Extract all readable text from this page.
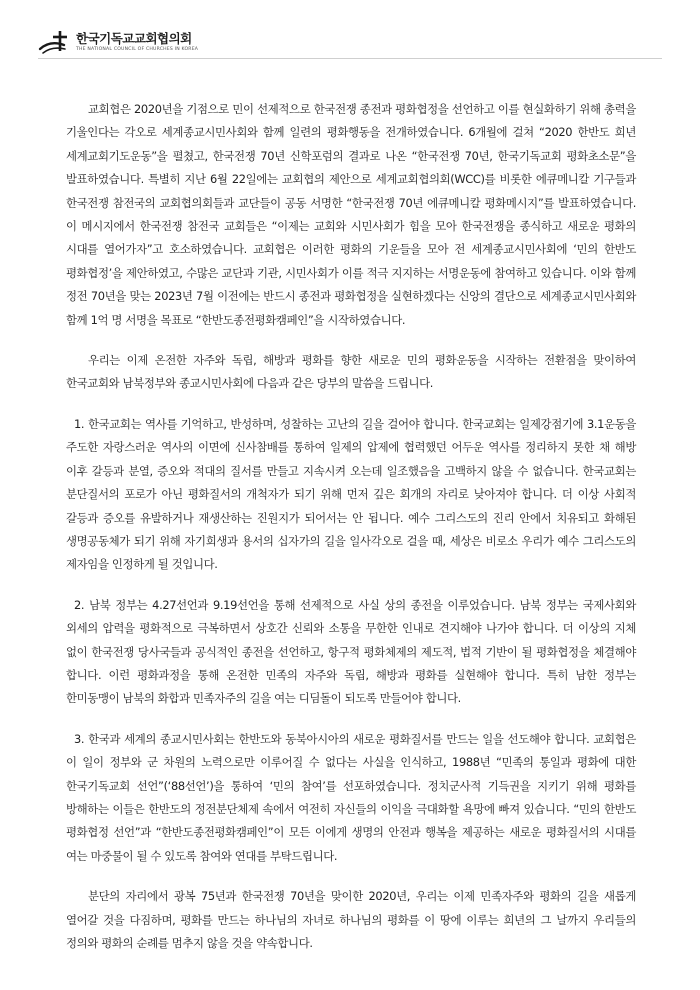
한국기독교교회협의회
THE NATIONAL COUNCIL OF CHURCHES IN KOREA

교회협은 2020년을 기점으로 민이 선제적으로 한국전쟁 종전과 평화협정을 선언하고 이를 현실화하기 위해 총력을 기울인다는 각오로 세계종교시민사회와 함께 일련의 평화행동을 전개하였습니다. 6개월에 걸쳐 “2020 한반도 희년 세계교회기도운동”을 펼쳤고, 한국전쟁 70년 신학포럼의 결과로 나온 “한국전쟁 70년, 한국기독교회 평화초소문”을 발표하였습니다. 특별히 지난 6월 22일에는 교회협의 제안으로 세계교회협의회(WCC)를 비롯한 에큐메니칼 기구들과 한국전쟁 참전국의 교회협의회들과 교단들이 공동 서명한 “한국전쟁 70년 에큐메니칼 평화메시지”를 발표하였습니다. 이 메시지에서 한국전쟁 참전국 교회들은 “이제는 교회와 시민사회가 힘을 모아 한국전쟁을 종식하고 새로운 평화의 시대를 열어가자”고 호소하였습니다. 교회협은 이러한 평화의 기운들을 모아 전 세계종교시민사회에 ‘민의 한반도 평화협정’을 제안하였고, 수많은 교단과 기관, 시민사회가 이를 적극 지지하는 서명운동에 참여하고 있습니다. 이와 함께 정전 70년을 맞는 2023년 7월 이전에는 반드시 종전과 평화협정을 실현하겠다는 신앙의 결단으로 세계종교시민사회와 함께 1억 명 서명을 목표로 “한반도종전평화캠페인”을 시작하였습니다.

우리는 이제 온전한 자주와 독립, 해방과 평화를 향한 새로운 민의 평화운동을 시작하는 전환점을 맞이하여 한국교회와 남북정부와 종교시민사회에 다음과 같은 당부의 말씀을 드립니다.

1. 한국교회는 역사를 기억하고, 반성하며, 성찰하는 고난의 길을 걸어야 합니다. 한국교회는 일제강점기에 3.1운동을 주도한 자랑스러운 역사의 이면에 신사참배를 통하여 일제의 압제에 협력했던 어두운 역사를 정리하지 못한 채 해방 이후 갈등과 분열, 증오와 적대의 질서를 만들고 지속시켜 오는데 일조했음을 고백하지 않을 수 없습니다. 한국교회는 분단질서의 포로가 아닌 평화질서의 개척자가 되기 위해 먼저 깊은 회개의 자리로 낮아져야 합니다. 더 이상 사회적 갈등과 증오를 유발하거나 재생산하는 진원지가 되어서는 안 됩니다. 예수 그리스도의 진리 안에서 치유되고 화해된 생명공동체가 되기 위해 자기희생과 용서의 십자가의 길을 일사각오로 걸을 때, 세상은 비로소 우리가 예수 그리스도의 제자임을 인정하게 될 것입니다.

2. 남북 정부는 4.27선언과 9.19선언을 통해 선제적으로 사실 상의 종전을 이루었습니다. 남북 정부는 국제사회와 외세의 압력을 평화적으로 극복하면서 상호간 신뢰와 소통을 무한한 인내로 견지해야 나가야 합니다. 더 이상의 지체 없이 한국전쟁 당사국들과 공식적인 종전을 선언하고, 항구적 평화체제의 제도적, 법적 기반이 될 평화협정을 체결해야 합니다. 이런 평화과정을 통해 온전한 민족의 자주와 독립, 해방과 평화를 실현해야 합니다. 특히 남한 정부는 한미동맹이 남북의 화합과 민족자주의 길을 여는 디딤돌이 되도록 만들어야 합니다.

3. 한국과 세계의 종교시민사회는 한반도와 동북아시아의 새로운 평화질서를 만드는 일을 선도해야 합니다. 교회협은 이 일이 정부와 군 차원의 노력으로만 이루어질 수 없다는 사실을 인식하고, 1988년 “민족의 통일과 평화에 대한 한국기독교회 선언”(‘88선언’)을 통하여 ‘민의 참여’를 선포하였습니다. 정치군사적 기득권을 지키기 위해 평화를 방해하는 이들은 한반도의 정전분단체제 속에서 여전히 자신들의 이익을 극대화할 욕망에 빠져 있습니다. “민의 한반도 평화협정 선언”과 “한반도종전평화캠페인”이 모든 이에게 생명의 안전과 행복을 제공하는 새로운 평화질서의 시대를 여는 마중물이 될 수 있도록 참여와 연대를 부탁드립니다.

분단의 자리에서 광복 75년과 한국전쟁 70년을 맞이한 2020년, 우리는 이제 민족자주와 평화의 길을 새롭게 열어갈 것을 다짐하며, 평화를 만드는 하나님의 자녀로 하나님의 평화를 이 땅에 이루는 희년의 그 날까지 우리들의 정의와 평화의 순례를 멈추지 않을 것을 약속합니다.
